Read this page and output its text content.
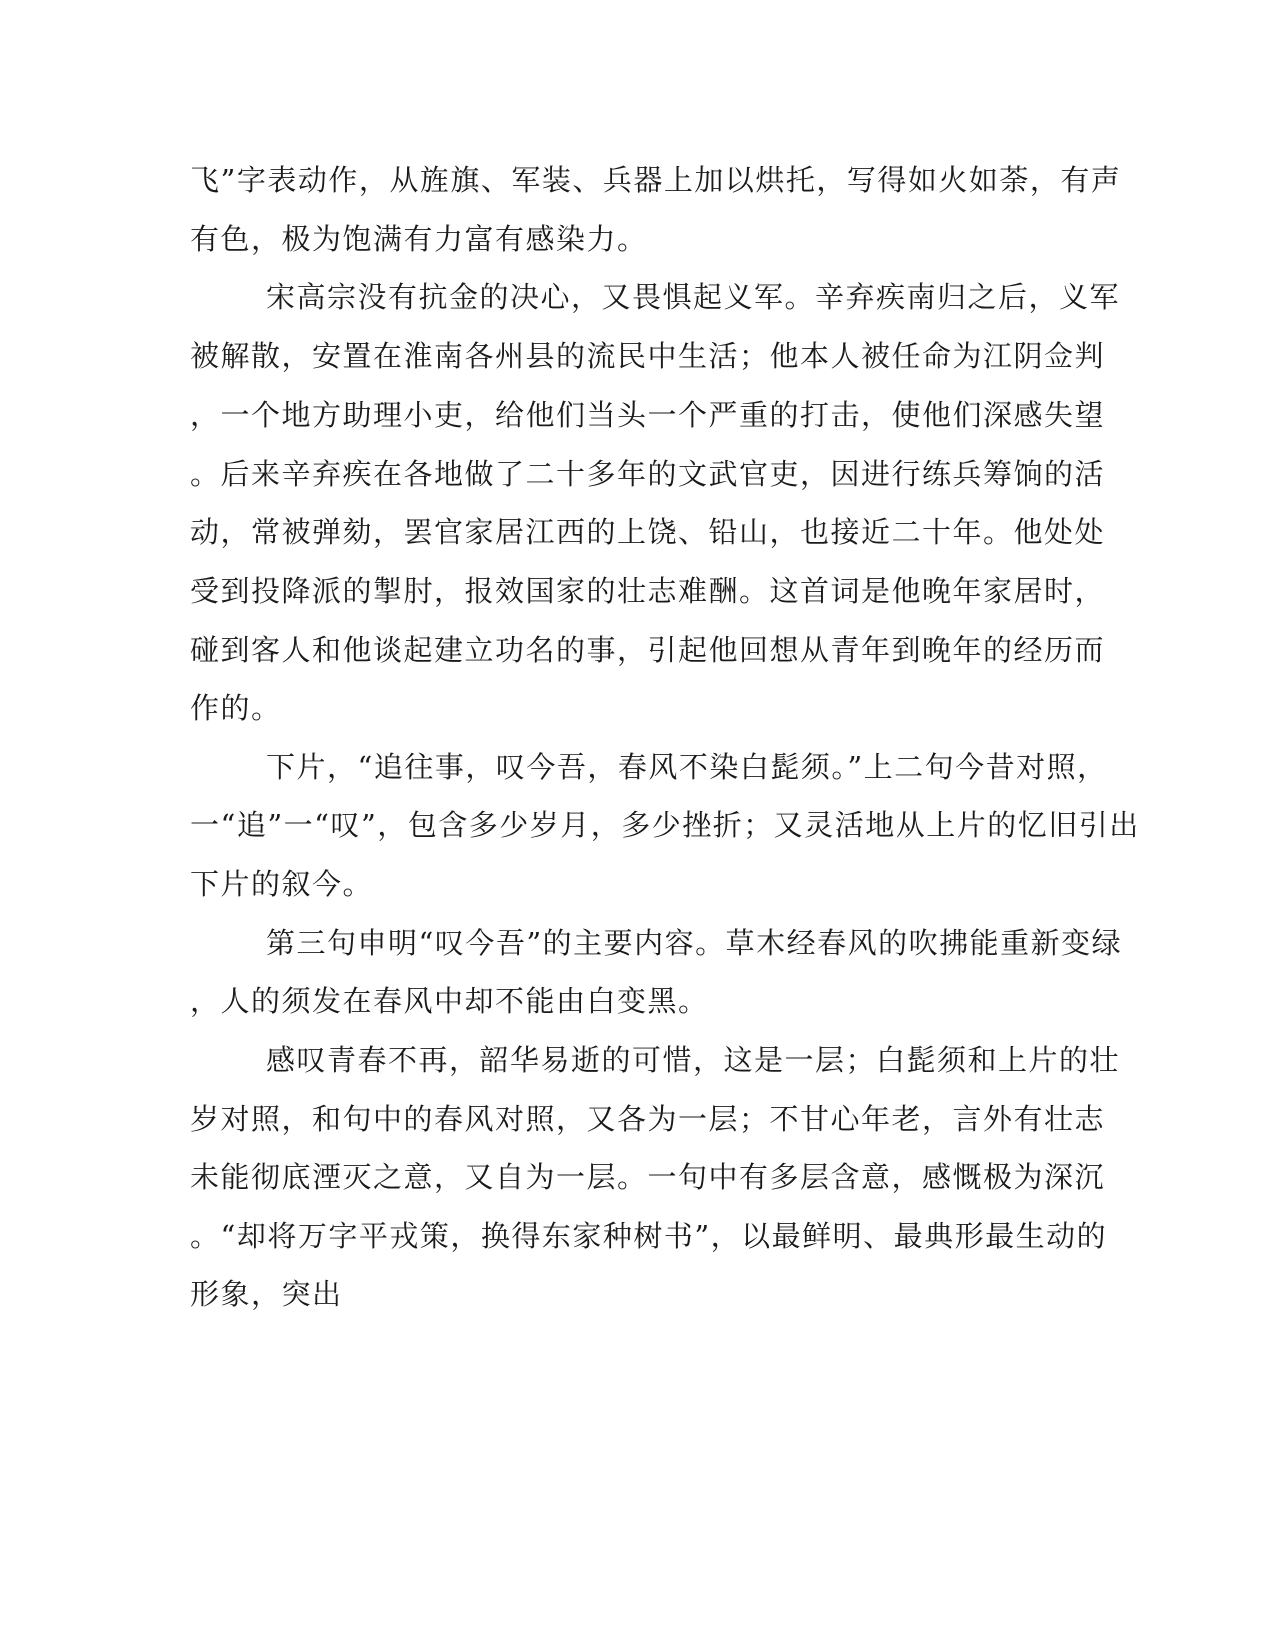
飞”字表动作，从旌旗、军装、兵器上加以烘托，写得如火如荼，有声
有色，极为饱满有力富有感染力。
宋高宗没有抗金的决心，又畏惧起义军。辛弃疾南归之后，义军
被解散，安置在淮南各州县的流民中生活；他本人被任命为江阴佥判
，一个地方助理小吏，给他们当头一个严重的打击，使他们深感失望
。后来辛弃疾在各地做了二十多年的文武官吏，因进行练兵筹饷的活
动，常被弹劾，罢官家居江西的上饶、铅山，也接近二十年。他处处
受到投降派的掣肘，报效国家的壮志难酬。这首词是他晚年家居时，
碰到客人和他谈起建立功名的事，引起他回想从青年到晚年的经历而
作的。
下片，“追往事，叹今吾，春风不染白髭须。”上二句今昔对照，
一“追”一“叹”，包含多少岁月，多少挫折；又灵活地从上片的忆旧引出
下片的叙今。
第三句申明“叹今吾”的主要内容。草木经春风的吹拂能重新变绿
，人的须发在春风中却不能由白变黑。
感叹青春不再，韶华易逝的可惜，这是一层；白髭须和上片的壮
岁对照，和句中的春风对照，又各为一层；不甘心年老，言外有壮志
未能彻底湮灭之意，又自为一层。一句中有多层含意，感慨极为深沉
。“却将万字平戎策，换得东家种树书”，以最鲜明、最典形最生动的
形象，突出
